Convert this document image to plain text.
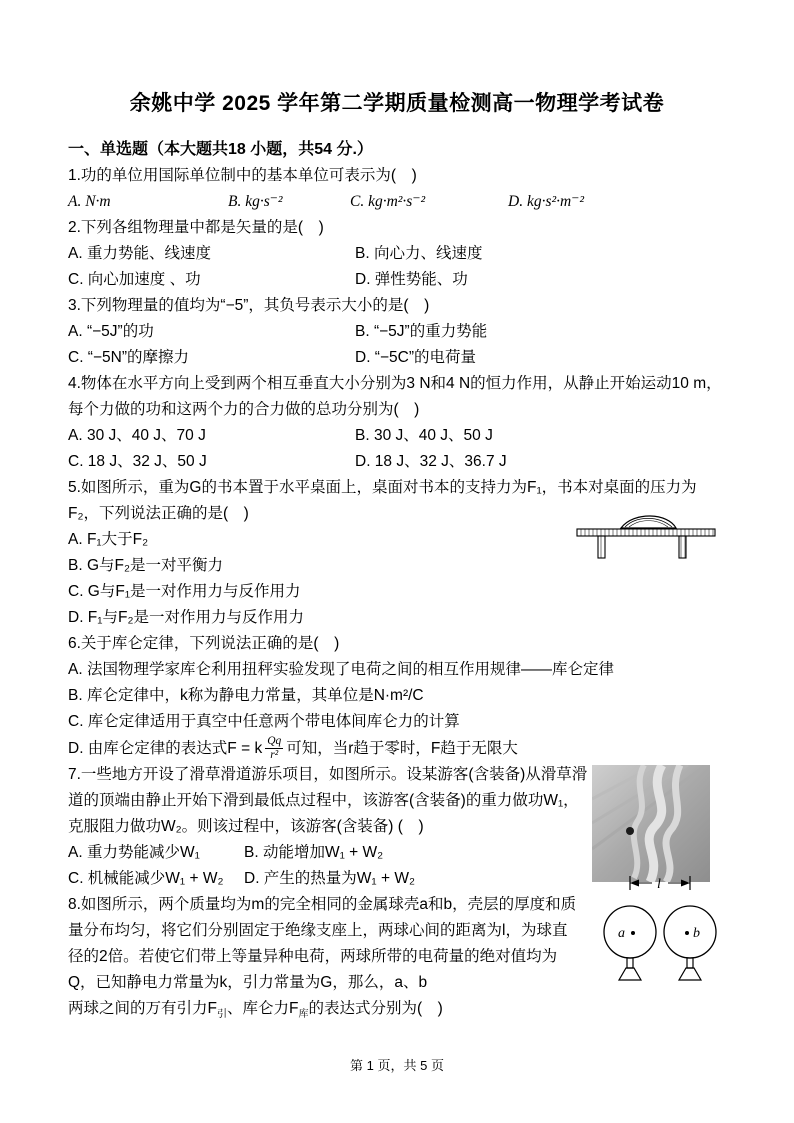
余姚中学 2025 学年第二学期质量检测高一物理学考试卷
一、单选题（本大题共18 小题，共54 分.）
1.功的单位用国际单位制中的基本单位可表示为(　)
A. N·m	B. kg·s⁻²	C. kg·m²·s⁻²	D. kg·s²·m⁻²
2.下列各组物理量中都是矢量的是(　)
A. 重力势能、线速度	B. 向心力、线速度
C. 向心加速度 、功	D. 弹性势能、功
3.下列物理量的值均为“−5”，其负号表示大小的是(　)
A. “−5J”的功	B. “−5J”的重力势能
C. “−5N”的摩擦力	D. “−5C”的电荷量
4.物体在水平方向上受到两个相互垂直大小分别为3 N和4 N的恒力作用，从静止开始运动10 m，每个力做的功和这两个力的合力做的总功分别为(　)
A. 30 J、40 J、70 J	B. 30 J、40 J、50 J
C. 18 J、32 J、50 J	D. 18 J、32 J、36.7 J
5.如图所示，重为G的书本置于水平桌面上，桌面对书本的支持力为F₁，书本对桌面的压力为F₂，下列说法正确的是(　)
A. F₁大于F₂
B. G与F₂是一对平衡力
C. G与F₁是一对作用力与反作用力
D. F₁与F₂是一对作用力与反作用力
6.关于库仑定律，下列说法正确的是(　)
A. 法国物理学家库仑利用扭秤实验发现了电荷之间的相互作用规律——库仑定律
B. 库仑定律中，k称为静电力常量，其单位是N·m²/C
C. 库仑定律适用于真空中任意两个带电体间库仑力的计算
D. 由库仑定律的表达式F = k $\frac{Qq}{\text{r²}}$ 可知，当r趋于零时，F趋于无限大
7.一些地方开设了滑草滑道游乐项目，如图所示。设某游客(含装备)从滑草滑道的顶端由静止开始下滑到最低点过程中，该游客(含装备)的重力做功W₁，克服阻力做功W₂。则该过程中，该游客(含装备) (　)
A. 重力势能减少W₁	B. 动能增加W₁ + W₂
C. 机械能减少W₁ + W₂	D. 产生的热量为W₁ + W₂	l
a	b
8.如图所示，两个质量均为m的完全相同的金属球壳a和b，壳层的厚度和质量分布均匀，将它们分别固定于绝缘支座上，两球心间的距离为l，为球直径的2倍。若使它们带上等量异种电荷，两球所带的电荷量的绝对值均为Q，已知静电力常量为k，引力常量为G，那么，a、b
两球之间的万有引力$F_引$、库仑力$F_库$的表达式分别为(　)
第 1 页，共 5 页
